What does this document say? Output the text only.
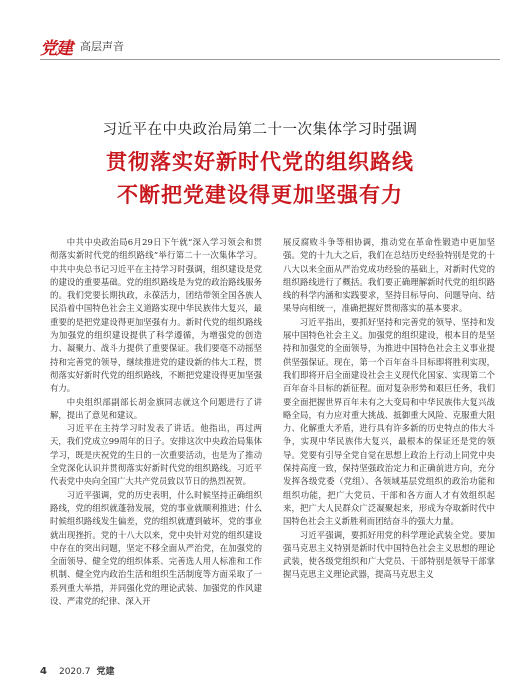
党建 高层声音
习近平在中央政治局第二十一次集体学习时强调
贯彻落实好新时代党的组织路线
不断把党建设得更加坚强有力

中共中央政治局6月29日下午就“深入学习领会和贯彻落实新时代党的组织路线”举行第二十一次集体学习。中共中央总书记习近平在主持学习时强调，组织建设是党的建设的重要基础。党的组织路线是为党的政治路线服务的。我们党要长期执政，永葆活力，团结带领全国各族人民沿着中国特色社会主义道路实现中华民族伟大复兴，最重要的是把党建设得更加坚强有力。新时代党的组织路线为加强党的组织建设提供了科学遵循，为增强党的创造力、凝聚力、战斗力提供了重要保证。我们要毫不动摇坚持和完善党的领导，继续推进党的建设新的伟大工程，贯彻落实好新时代党的组织路线，不断把党建设得更加坚强有力。

中央组织部副部长胡金旗同志就这个问题进行了讲解，提出了意见和建议。

习近平在主持学习时发表了讲话。他指出，再过两天，我们党成立99周年的日子。安排这次中央政治局集体学习，既是庆祝党的生日的一次重要活动，也是为了推动全党深化认识并贯彻落实好新时代党的组织路线。习近平代表党中央向全国广大共产党员致以节日的热烈祝贺。

习近平强调，党的历史表明，什么时候坚持正确组织路线，党的组织就蓬勃发展，党的事业就顺利推进；什么时候组织路线发生偏差，党的组织就遭到破坏，党的事业就出现挫折。党的十八大以来，党中央针对党的组织建设中存在的突出问题，坚定不移全面从严治党，在加强党的全面领导、健全党的组织体系、完善选人用人标准和工作机制、健全党内政治生活和组织生活制度等方面采取了一系列重大举措，并同强化党的理论武装、加强党的作风建设、严肃党的纪律、深入开

展反腐败斗争等相协调，推动党在革命性锻造中更加坚强。党的十九大之后，我们在总结历史经验特别是党的十八大以来全面从严治党成功经验的基础上，对新时代党的组织路线进行了概括。我们要正确理解新时代党的组织路线的科学内涵和实践要求，坚持目标导向、问题导向、结果导向相统一，准确把握好贯彻落实的基本要求。

习近平指出，要抓好坚持和完善党的领导、坚持和发展中国特色社会主义。加强党的组织建设，根本目的是坚持和加强党的全面领导，为推进中国特色社会主义事业提供坚强保证。现在，第一个百年奋斗目标即将胜利实现，我们即将开启全面建设社会主义现代化国家、实现第二个百年奋斗目标的新征程。面对复杂形势和艰巨任务，我们要全面把握世界百年未有之大变局和中华民族伟大复兴战略全局，有力应对重大挑战、抵御重大风险、克服重大阻力、化解重大矛盾，进行具有许多新的历史特点的伟大斗争，实现中华民族伟大复兴，最根本的保证还是党的领导。党要有引导全党自觉在思想上政治上行动上同党中央保持高度一致，保持坚强政治定力和正确前进方向，充分发挥各级党委（党组）、各领域基层党组织的政治功能和组织功能，把广大党员、干部和各方面人才有效组织起来，把广大人民群众广泛凝聚起来，形成为夺取新时代中国特色社会主义新胜利而团结奋斗的强大力量。

习近平强调，要抓好用党的科学理论武装全党。要加强马克思主义特别是新时代中国特色社会主义思想的理论武装，使各级党组织和广大党员、干部特别是领导干部掌握马克思主义理论武器，提高马克思主义

4 2020.7 党建
